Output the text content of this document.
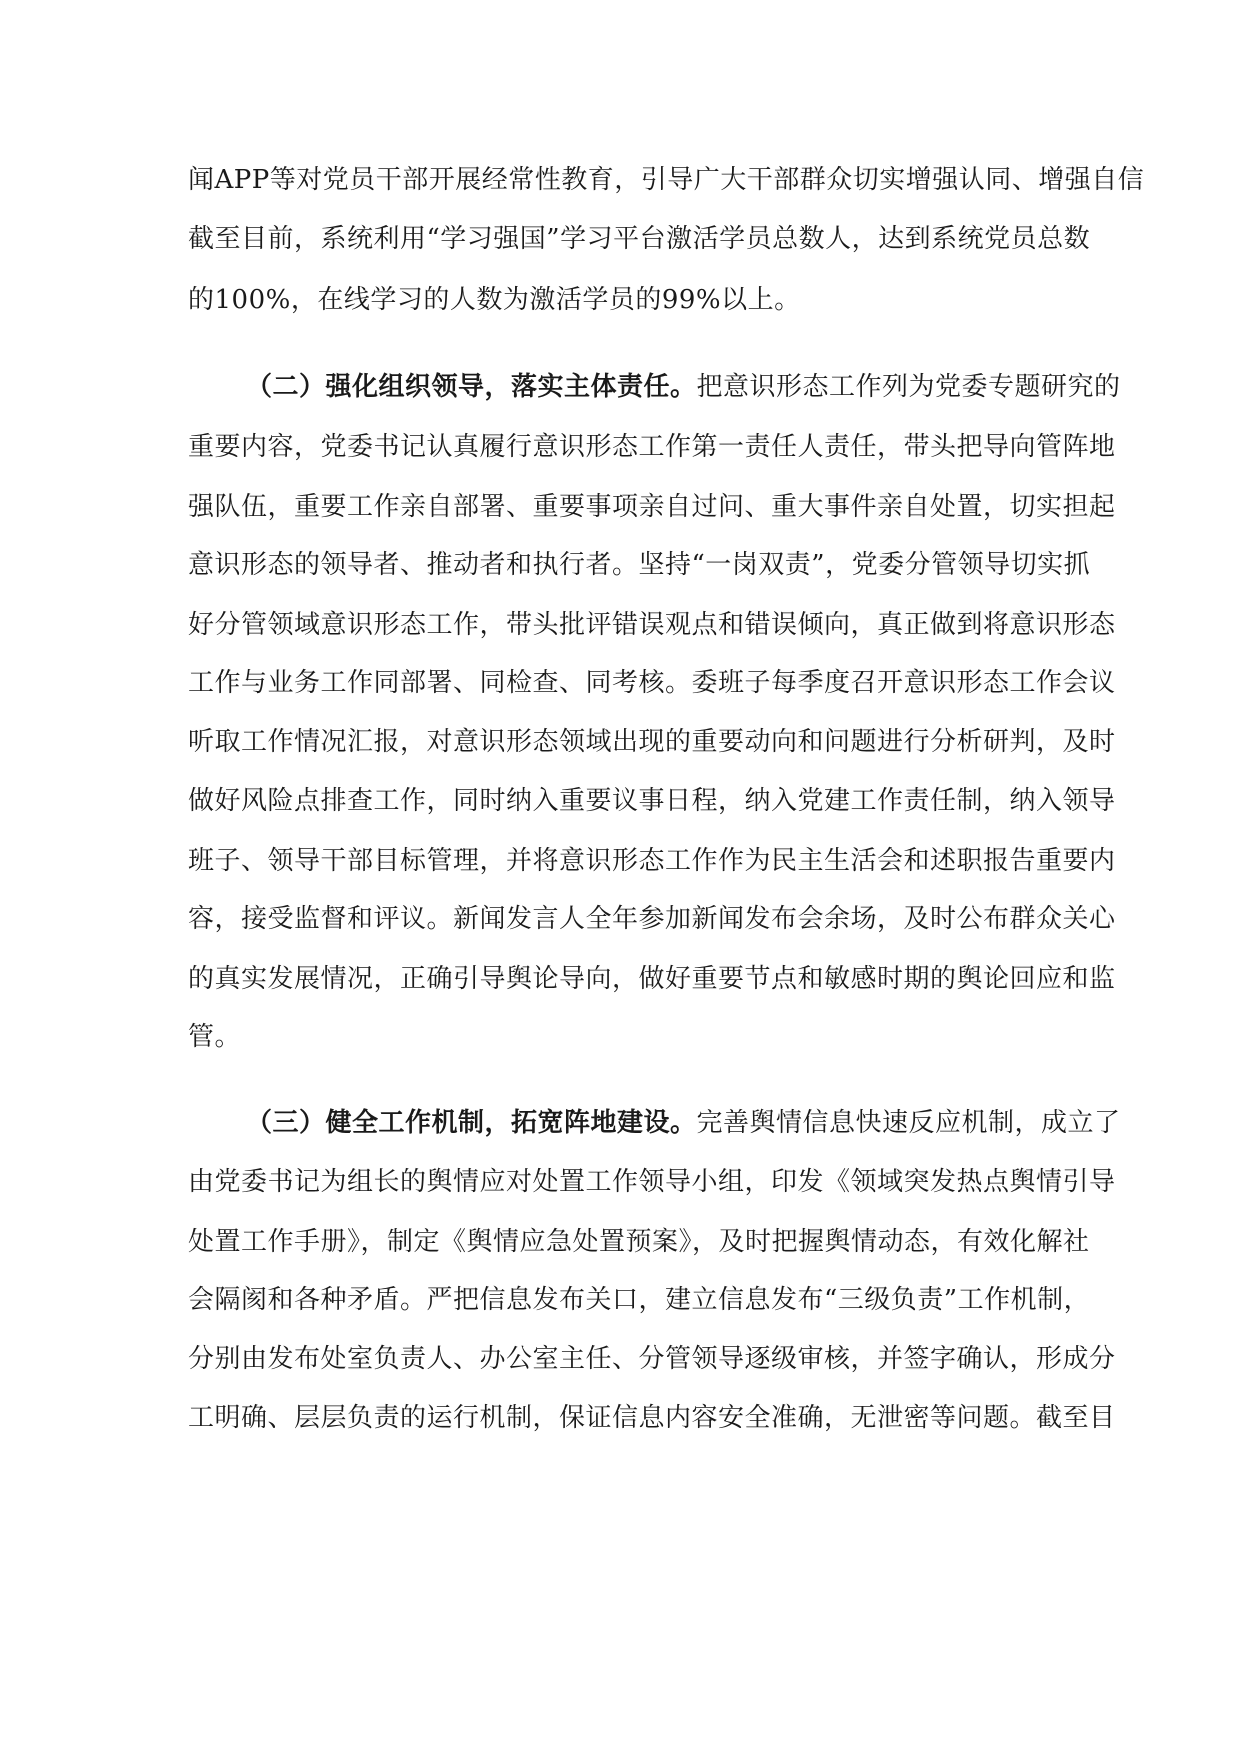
闻APP等对党员干部开展经常性教育，引导广大干部群众切实增强认同、增强自信
截至目前，系统利用“学习强国”学习平台激活学员总数人，达到系统党员总数
的100%，在线学习的人数为激活学员的99%以上。
（二）强化组织领导，落实主体责任。把意识形态工作列为党委专题研究的
重要内容，党委书记认真履行意识形态工作第一责任人责任，带头把导向管阵地
强队伍，重要工作亲自部署、重要事项亲自过问、重大事件亲自处置，切实担起
意识形态的领导者、推动者和执行者。坚持“一岗双责”，党委分管领导切实抓
好分管领域意识形态工作，带头批评错误观点和错误倾向，真正做到将意识形态
工作与业务工作同部署、同检查、同考核。委班子每季度召开意识形态工作会议
听取工作情况汇报，对意识形态领域出现的重要动向和问题进行分析研判，及时
做好风险点排查工作，同时纳入重要议事日程，纳入党建工作责任制，纳入领导
班子、领导干部目标管理，并将意识形态工作作为民主生活会和述职报告重要内
容，接受监督和评议。新闻发言人全年参加新闻发布会余场，及时公布群众关心
的真实发展情况，正确引导舆论导向，做好重要节点和敏感时期的舆论回应和监
管。
（三）健全工作机制，拓宽阵地建设。完善舆情信息快速反应机制，成立了
由党委书记为组长的舆情应对处置工作领导小组，印发《领域突发热点舆情引导
处置工作手册》，制定《舆情应急处置预案》，及时把握舆情动态，有效化解社
会隔阂和各种矛盾。严把信息发布关口，建立信息发布“三级负责”工作机制，
分别由发布处室负责人、办公室主任、分管领导逐级审核，并签字确认，形成分
工明确、层层负责的运行机制，保证信息内容安全准确，无泄密等问题。截至目
